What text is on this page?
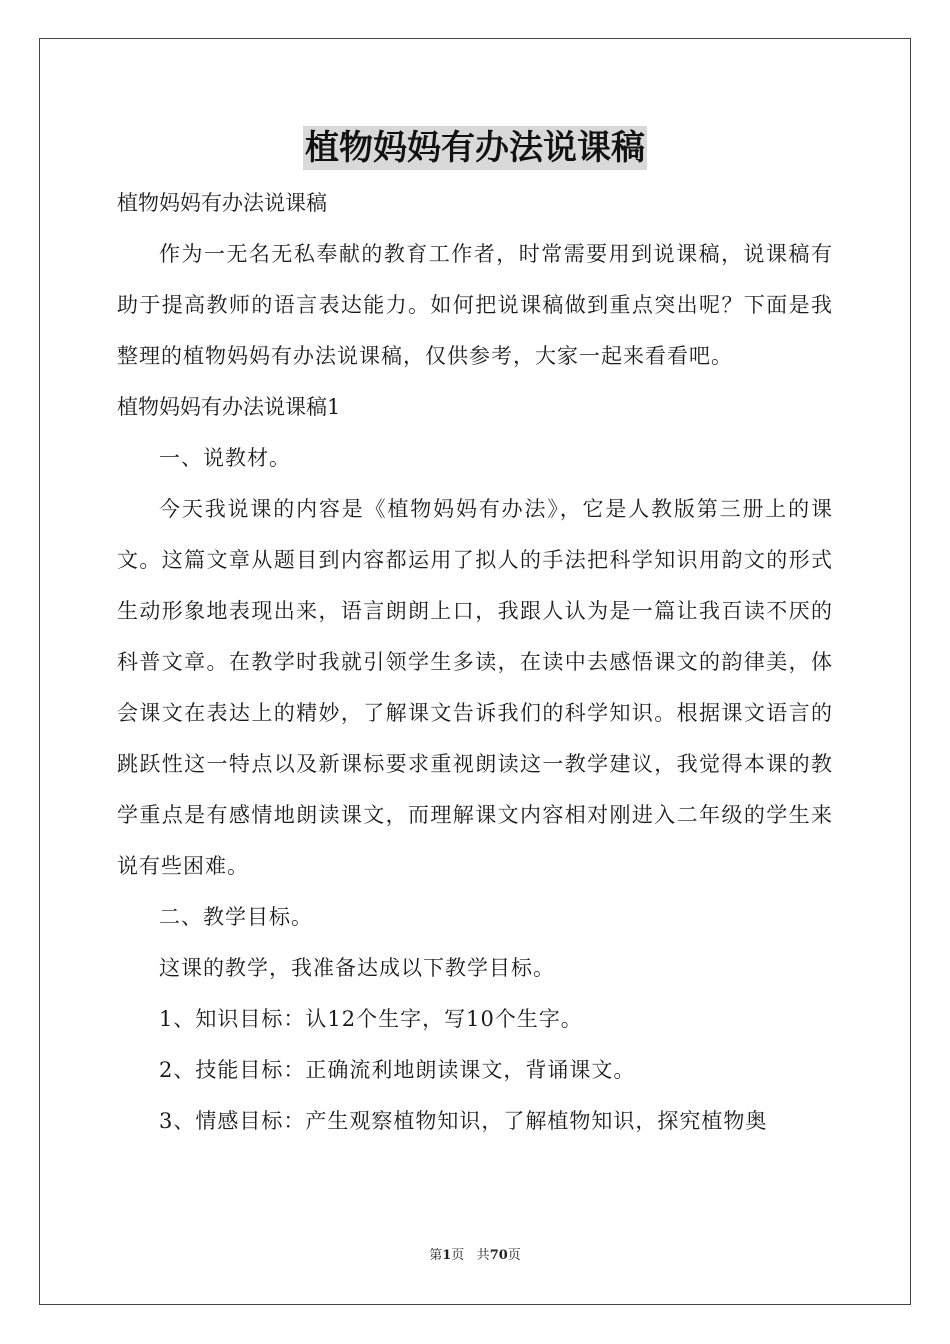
植物妈妈有办法说课稿

植物妈妈有办法说课稿

作为一无名无私奉献的教育工作者，时常需要用到说课稿，说课稿有助于提高教师的语言表达能力。如何把说课稿做到重点突出呢？下面是我整理的植物妈妈有办法说课稿，仅供参考，大家一起来看看吧。

植物妈妈有办法说课稿1

一、说教材。

今天我说课的内容是《植物妈妈有办法》，它是人教版第三册上的课文。这篇文章从题目到内容都运用了拟人的手法把科学知识用韵文的形式生动形象地表现出来，语言朗朗上口，我跟人认为是一篇让我百读不厌的科普文章。在教学时我就引领学生多读，在读中去感悟课文的韵律美，体会课文在表达上的精妙，了解课文告诉我们的科学知识。根据课文语言的跳跃性这一特点以及新课标要求重视朗读这一教学建议，我觉得本课的教学重点是有感情地朗读课文，而理解课文内容相对刚进入二年级的学生来说有些困难。

二、教学目标。

这课的教学，我准备达成以下教学目标。

1、知识目标：认12个生字，写10个生字。

2、技能目标：正确流利地朗读课文，背诵课文。

3、情感目标：产生观察植物知识，了解植物知识，探究植物奥

第1页 共70页
